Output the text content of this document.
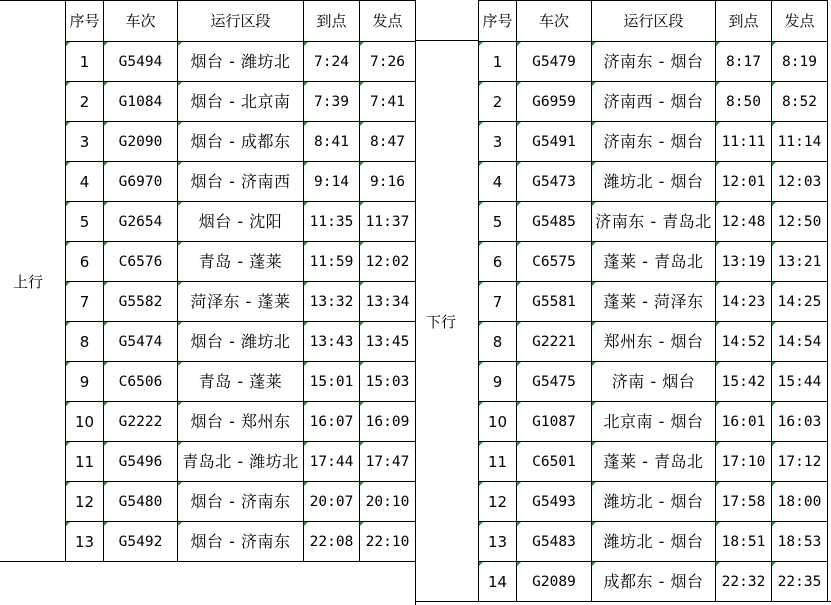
上行
下行
序号	车次	运行区段	到点	发点
1	G5494	烟台 - 潍坊北	7:24	7:26
2	G1084	烟台 - 北京南	7:39	7:41
3	G2090	烟台 - 成都东	8:41	8:47
4	G6970	烟台 - 济南西	9:14	9:16
5	G2654	烟台 - 沈阳	11:35	11:37
6	C6576	青岛 - 蓬莱	11:59	12:02
7	G5582	菏泽东 - 蓬莱	13:32	13:34
8	G5474	烟台 - 潍坊北	13:43	13:45
9	C6506	青岛 - 蓬莱	15:01	15:03
10	G2222	烟台 - 郑州东	16:07	16:09
11	G5496	青岛北 - 潍坊北	17:44	17:47
12	G5480	烟台 - 济南东	20:07	20:10
13	G5492	烟台 - 济南东	22:08	22:10
序号	车次	运行区段	到点	发点
1	G5479	济南东 - 烟台	8:17	8:19
2	G6959	济南西 - 烟台	8:50	8:52
3	G5491	济南东 - 烟台	11:11	11:14
4	G5473	潍坊北 - 烟台	12:01	12:03
5	G5485	济南东 - 青岛北	12:48	12:50
6	C6575	蓬莱 - 青岛北	13:19	13:21
7	G5581	蓬莱 - 菏泽东	14:23	14:25
8	G2221	郑州东 - 烟台	14:52	14:54
9	G5475	济南 - 烟台	15:42	15:44
10	G1087	北京南 - 烟台	16:01	16:03
11	C6501	蓬莱 - 青岛北	17:10	17:12
12	G5493	潍坊北 - 烟台	17:58	18:00
13	G5483	潍坊北 - 烟台	18:51	18:53
14	G2089	成都东 - 烟台	22:32	22:35
